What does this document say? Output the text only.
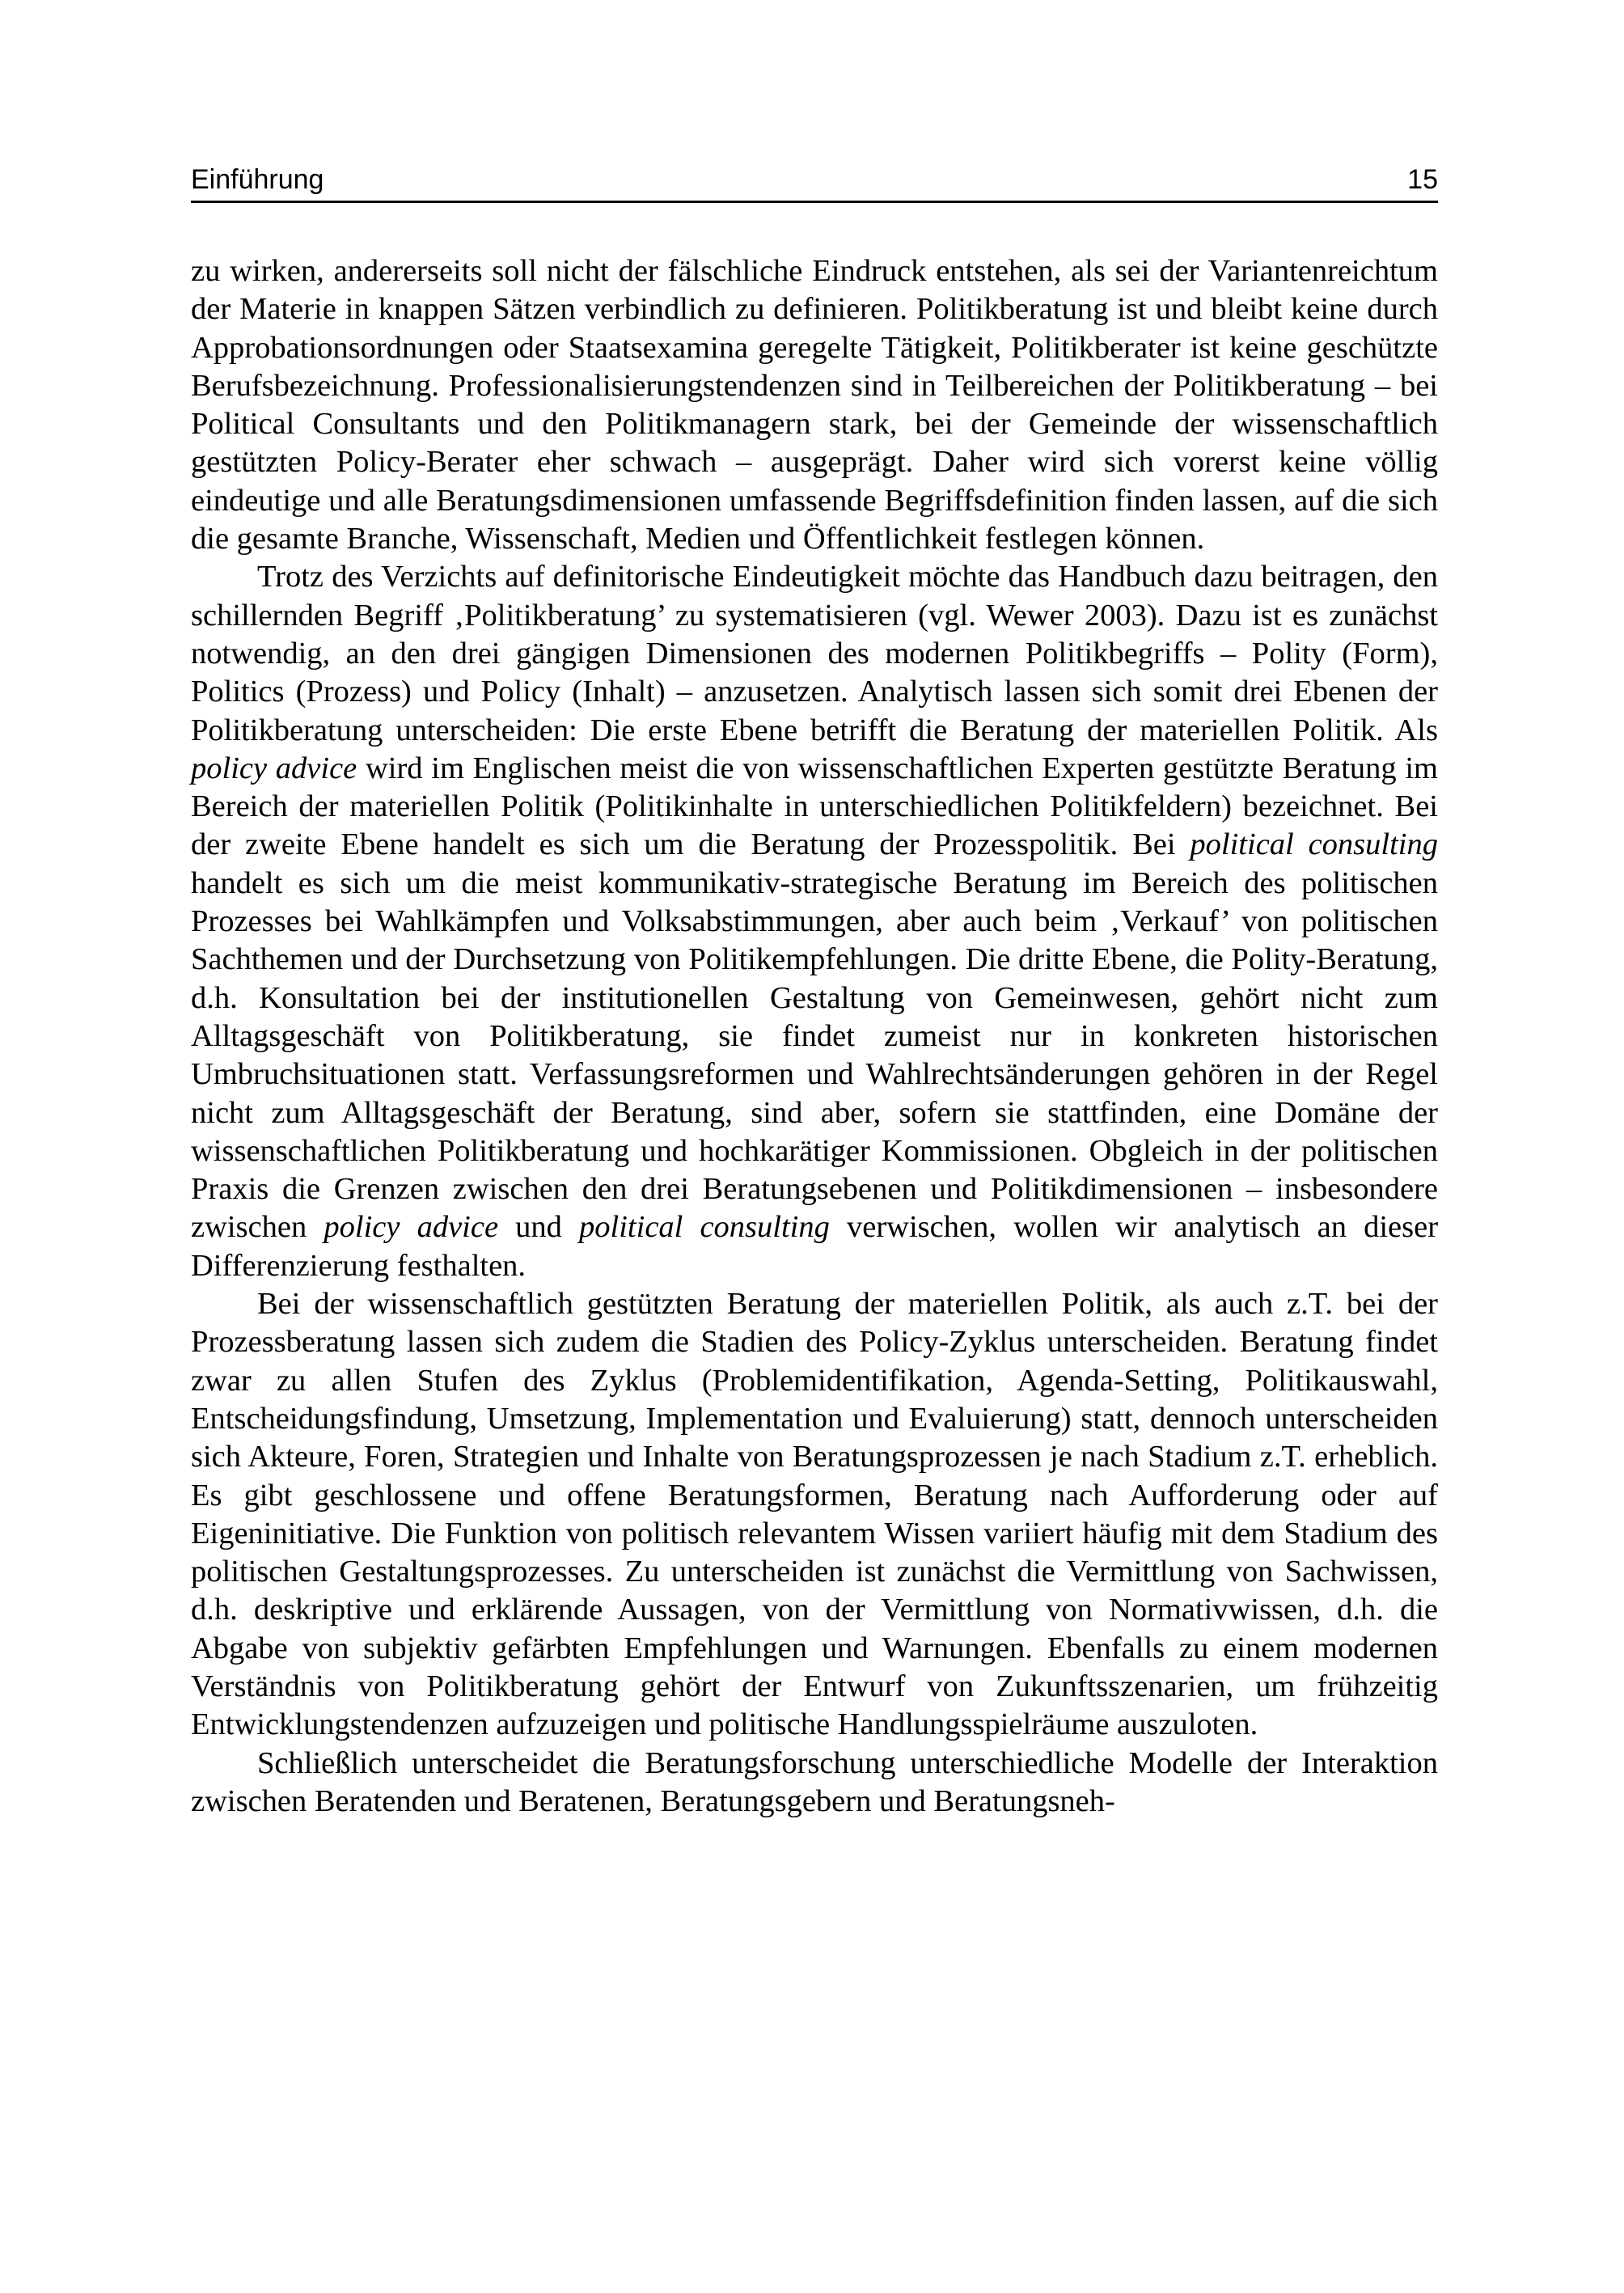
Einführung	15

zu wirken, andererseits soll nicht der fälschliche Eindruck entstehen, als sei der Variantenreichtum der Materie in knappen Sätzen verbindlich zu definieren. Politikberatung ist und bleibt keine durch Approbationsordnungen oder Staatsexamina geregelte Tätigkeit, Politikberater ist keine geschützte Berufsbezeichnung. Professionalisierungstendenzen sind in Teilbereichen der Politikberatung – bei Political Consultants und den Politikmanagern stark, bei der Gemeinde der wissenschaftlich gestützten Policy-Berater eher schwach – ausgeprägt. Daher wird sich vorerst keine völlig eindeutige und alle Beratungsdimensionen umfassende Begriffsdefinition finden lassen, auf die sich die gesamte Branche, Wissenschaft, Medien und Öffentlichkeit festlegen können.

Trotz des Verzichts auf definitorische Eindeutigkeit möchte das Handbuch dazu beitragen, den schillernden Begriff ‚Politikberatung’ zu systematisieren (vgl. Wewer 2003). Dazu ist es zunächst notwendig, an den drei gängigen Dimensionen des modernen Politikbegriffs – Polity (Form), Politics (Prozess) und Policy (Inhalt) – anzusetzen. Analytisch lassen sich somit drei Ebenen der Politikberatung unterscheiden: Die erste Ebene betrifft die Beratung der materiellen Politik. Als policy advice wird im Englischen meist die von wissenschaftlichen Experten gestützte Beratung im Bereich der materiellen Politik (Politikinhalte in unterschiedlichen Politikfeldern) bezeichnet. Bei der zweite Ebene handelt es sich um die Beratung der Prozesspolitik. Bei political consulting handelt es sich um die meist kommunikativ-strategische Beratung im Bereich des politischen Prozesses bei Wahlkämpfen und Volksabstimmungen, aber auch beim ‚Verkauf’ von politischen Sachthemen und der Durchsetzung von Politikempfehlungen. Die dritte Ebene, die Polity-Beratung, d.h. Konsultation bei der institutionellen Gestaltung von Gemeinwesen, gehört nicht zum Alltagsgeschäft von Politikberatung, sie findet zumeist nur in konkreten historischen Umbruchsituationen statt. Verfassungsreformen und Wahlrechtsänderungen gehören in der Regel nicht zum Alltagsgeschäft der Beratung, sind aber, sofern sie stattfinden, eine Domäne der wissenschaftlichen Politikberatung und hochkarätiger Kommissionen. Obgleich in der politischen Praxis die Grenzen zwischen den drei Beratungsebenen und Politikdimensionen – insbesondere zwischen policy advice und political consulting verwischen, wollen wir analytisch an dieser Differenzierung festhalten.

Bei der wissenschaftlich gestützten Beratung der materiellen Politik, als auch z.T. bei der Prozessberatung lassen sich zudem die Stadien des Policy-Zyklus unterscheiden. Beratung findet zwar zu allen Stufen des Zyklus (Problemidentifikation, Agenda-Setting, Politikauswahl, Entscheidungsfindung, Umsetzung, Implementation und Evaluierung) statt, dennoch unterscheiden sich Akteure, Foren, Strategien und Inhalte von Beratungsprozessen je nach Stadium z.T. erheblich. Es gibt geschlossene und offene Beratungsformen, Beratung nach Aufforderung oder auf Eigeninitiative. Die Funktion von politisch relevantem Wissen variiert häufig mit dem Stadium des politischen Gestaltungsprozesses. Zu unterscheiden ist zunächst die Vermittlung von Sachwissen, d.h. deskriptive und erklärende Aussagen, von der Vermittlung von Normativwissen, d.h. die Abgabe von subjektiv gefärbten Empfehlungen und Warnungen. Ebenfalls zu einem modernen Verständnis von Politikberatung gehört der Entwurf von Zukunftsszenarien, um frühzeitig Entwicklungstendenzen aufzuzeigen und politische Handlungsspielräume auszuloten.

Schließlich unterscheidet die Beratungsforschung unterschiedliche Modelle der Interaktion zwischen Beratenden und Beratenen, Beratungsgebern und Beratungsneh-
